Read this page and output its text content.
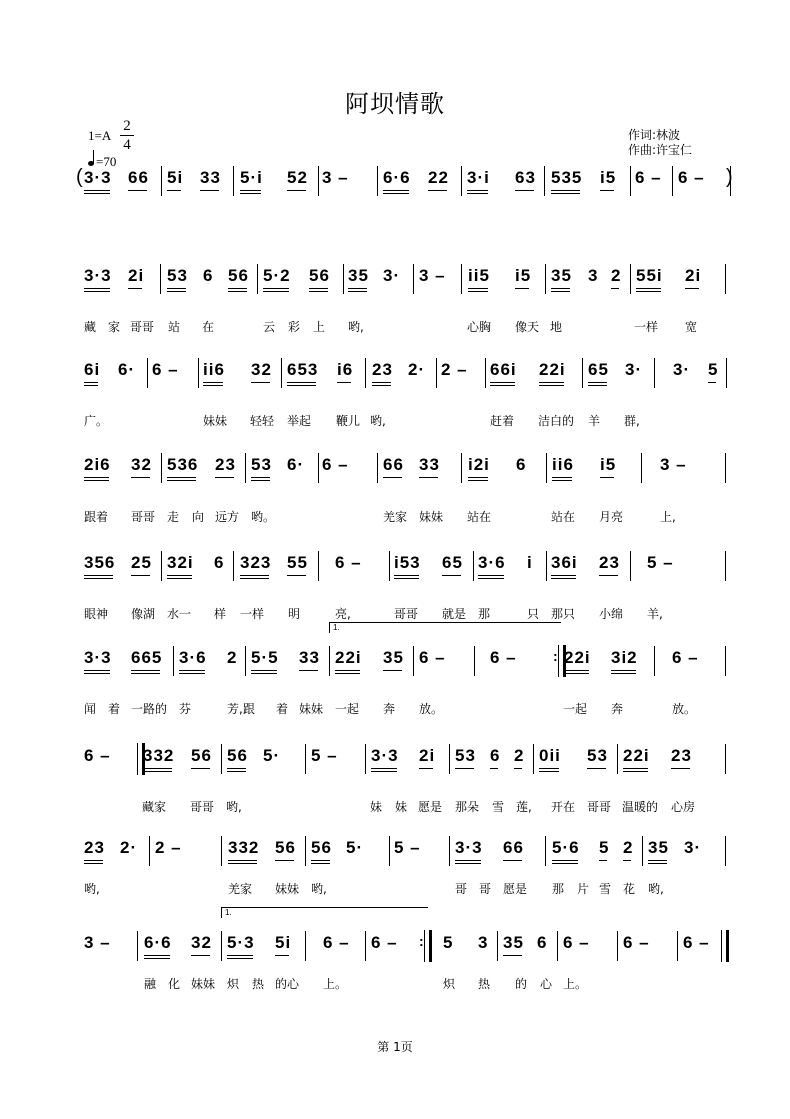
阿坝情歌
1=A
2
4
=70
作词:林波
作曲:许宝仁
3·3 66 5i 33 5·i 52 3 – 6·6 22 3·i 63 535 i5 6 – 6 –
(	)
3·3 2i 53 6 56 5·2 56 35 3· 3 – ii5 i5 35 3 2 55i 2i
藏 家 哥哥 站 在	云 彩 上 哟,	心胸 像天 地	一样 宽
6i 6· 6 – ii6 32 653 i6 23 2· 2 – 66i 22i 65 3· 3· 5
广。	妹妹 轻轻 举起 鞭儿 哟,	赶着 洁白的 羊 群,
2i6 32 536 23 53 6· 6 – 66 33 i2i 6 ii6 i5	3 –
跟着 哥哥 走 向 远方 哟。	羌家 妹妹 站在	站在 月亮	上,
356 25 32i 6 323 55 6 – i53 65 3·6 i 36i 23 5 –
眼神 像湖 水一 样 一样 明	亮,	哥哥 就是 那	只 那只 小绵 羊,
3·3 665 3·6 2 5·5 33 22i 35 6 –	6 –	22i 3i2 6 –
:
1.
闻 着 一路的 芬	芳,跟 着 妹妹 一起 奔 放。	一起 奔	放。
6 – 332 56 56 5· 5 – 3·3 2i 53 6 2 0ii 53 22i 23
藏家 哥哥 哟,	妹 妹 愿是 那朵 雪 莲, 开在 哥哥 温暖的 心房
23 2· 2 –	332 56 56 5· 5 – 3·3 66 5·6 5 2 35 3·
哟,	羌家 妹妹 哟,	哥 哥 愿是 那 片 雪 花 哟,
3 – 6·6 32 5·3 5i 6 – 6 –	5 3 35 6 6 – 6 – 6 –
:
1.
融 化 妹妹 炽 热 的心 上。	炽 热 的 心 上。
第 1页
